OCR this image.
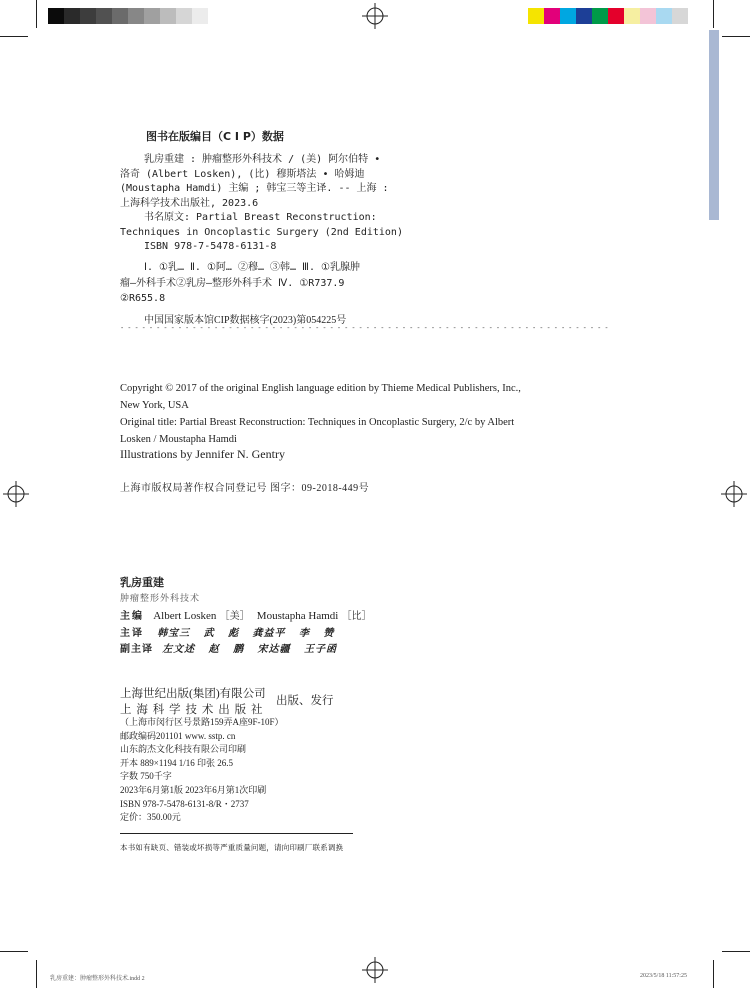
图书在版编目（C I P）数据
乳房重建 : 肿瘤整形外科技术 / (美) 阿尔伯特 •
洛奇 (Albert Losken), (比) 穆斯塔法 • 哈姆迪
(Moustapha Hamdi) 主编 ; 韩宝三等主译. -- 上海 :
上海科学技术出版社, 2023.6
书名原文: Partial Breast Reconstruction:
Techniques in Oncoplastic Surgery (2nd Edition)
ISBN 978-7-5478-6131-8
Ⅰ. ①乳… Ⅱ. ①阿… ②穆… ③韩… Ⅲ. ①乳腺肿
瘤—外科手术②乳房—整形外科手术 Ⅳ. ①R737.9
②R655.8
中国国家版本馆CIP数据核字(2023)第054225号
- - - - - - - - - - - - - - - - - - - - - - - - - - - - - - - - - - - - - - - - - - - - - - - - - - - - - - - - - - - - - - - - - - - -
Copyright © 2017 of the original English language edition by Thieme Medical Publishers, Inc.,
New York, USA
Original title: Partial Breast Reconstruction: Techniques in Oncoplastic Surgery, 2/c by Albert
Losken / Moustapha Hamdi
Illustrations by Jennifer N. Gentry
上海市版权局著作权合同登记号 图字：09-2018-449号
乳房重建
肿瘤整形外科技术
主编 Albert Losken ［美］ Moustapha Hamdi ［比］
主译 韩宝三   武   彪   龚益平   李   赞
副主译 左文述   赵   鹏   宋达疆   王子函
上海世纪出版(集团)有限公司
上 海 科 学 技 术 出 版 社
出版、发行
（上海市闵行区号景路159弄A座9F-10F）
邮政编码201101 www. sstp. cn
山东韵杰文化科技有限公司印刷
开本 889×1194 1/16 印张 26.5
字数 750千字
2023年6月第1版 2023年6月第1次印刷
ISBN 978-7-5478-6131-8/R・2737
定价：350.00元
本书如有缺页、错装或坏损等严重质量问题，请向印刷厂联系调换
乳房重建：肿瘤整形外科技术.indd 2	2023/5/18 11:57:25
